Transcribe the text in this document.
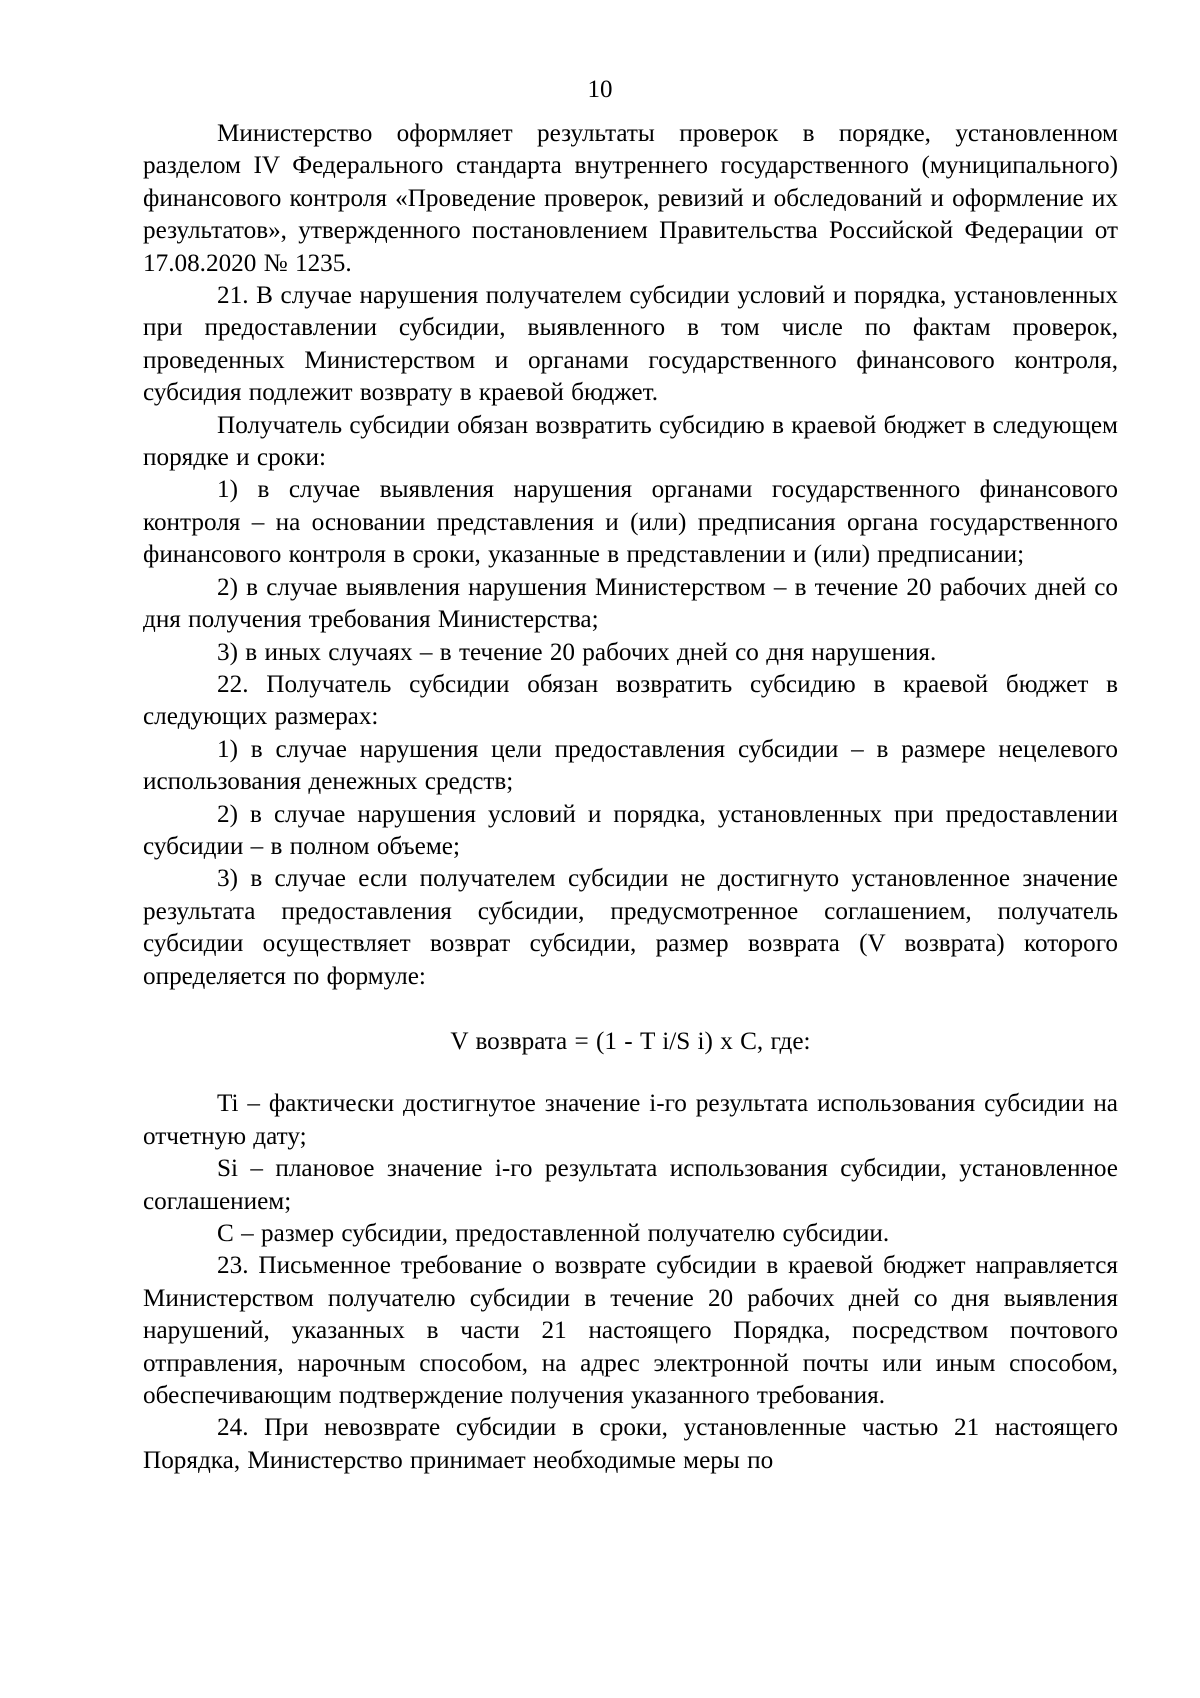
10

Министерство оформляет результаты проверок в порядке, установленном разделом IV Федерального стандарта внутреннего государственного (муниципального) финансового контроля «Проведение проверок, ревизий и обследований и оформление их результатов», утвержденного постановлением Правительства Российской Федерации от 17.08.2020 № 1235.

21. В случае нарушения получателем субсидии условий и порядка, установленных при предоставлении субсидии, выявленного в том числе по фактам проверок, проведенных Министерством и органами государственного финансового контроля, субсидия подлежит возврату в краевой бюджет.

Получатель субсидии обязан возвратить субсидию в краевой бюджет в следующем порядке и сроки:

1) в случае выявления нарушения органами государственного финансового контроля – на основании представления и (или) предписания органа государственного финансового контроля в сроки, указанные в представлении и (или) предписании;

2) в случае выявления нарушения Министерством – в течение 20 рабочих дней со дня получения требования Министерства;

3) в иных случаях – в течение 20 рабочих дней со дня нарушения.

22. Получатель субсидии обязан возвратить субсидию в краевой бюджет в следующих размерах:

1) в случае нарушения цели предоставления субсидии – в размере нецелевого использования денежных средств;

2) в случае нарушения условий и порядка, установленных при предоставлении субсидии – в полном объеме;

3) в случае если получателем субсидии не достигнуто установленное значение результата предоставления субсидии, предусмотренное соглашением, получатель субсидии осуществляет возврат субсидии, размер возврата (V возврата) которого определяется по формуле:

V возврата = (1 - T i/S i) x C, где:

Ti – фактически достигнутое значение i-го результата использования субсидии на отчетную дату;

Si – плановое значение i-го результата использования субсидии, установленное соглашением;

C – размер субсидии, предоставленной получателю субсидии.

23. Письменное требование о возврате субсидии в краевой бюджет направляется Министерством получателю субсидии в течение 20 рабочих дней со дня выявления нарушений, указанных в части 21 настоящего Порядка, посредством почтового отправления, нарочным способом, на адрес электронной почты или иным способом, обеспечивающим подтверждение получения указанного требования.

24. При невозврате субсидии в сроки, установленные частью 21 настоящего Порядка, Министерство принимает необходимые меры по
